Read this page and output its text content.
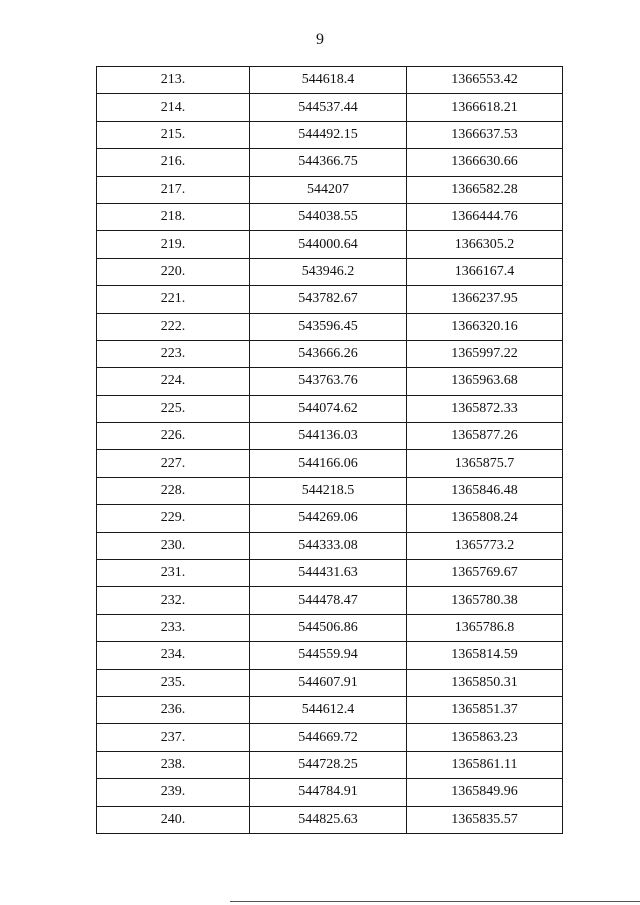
9
213.	544618.4	1366553.42
214.	544537.44	1366618.21
215.	544492.15	1366637.53
216.	544366.75	1366630.66
217.	544207	1366582.28
218.	544038.55	1366444.76
219.	544000.64	1366305.2
220.	543946.2	1366167.4
221.	543782.67	1366237.95
222.	543596.45	1366320.16
223.	543666.26	1365997.22
224.	543763.76	1365963.68
225.	544074.62	1365872.33
226.	544136.03	1365877.26
227.	544166.06	1365875.7
228.	544218.5	1365846.48
229.	544269.06	1365808.24
230.	544333.08	1365773.2
231.	544431.63	1365769.67
232.	544478.47	1365780.38
233.	544506.86	1365786.8
234.	544559.94	1365814.59
235.	544607.91	1365850.31
236.	544612.4	1365851.37
237.	544669.72	1365863.23
238.	544728.25	1365861.11
239.	544784.91	1365849.96
240.	544825.63	1365835.57
